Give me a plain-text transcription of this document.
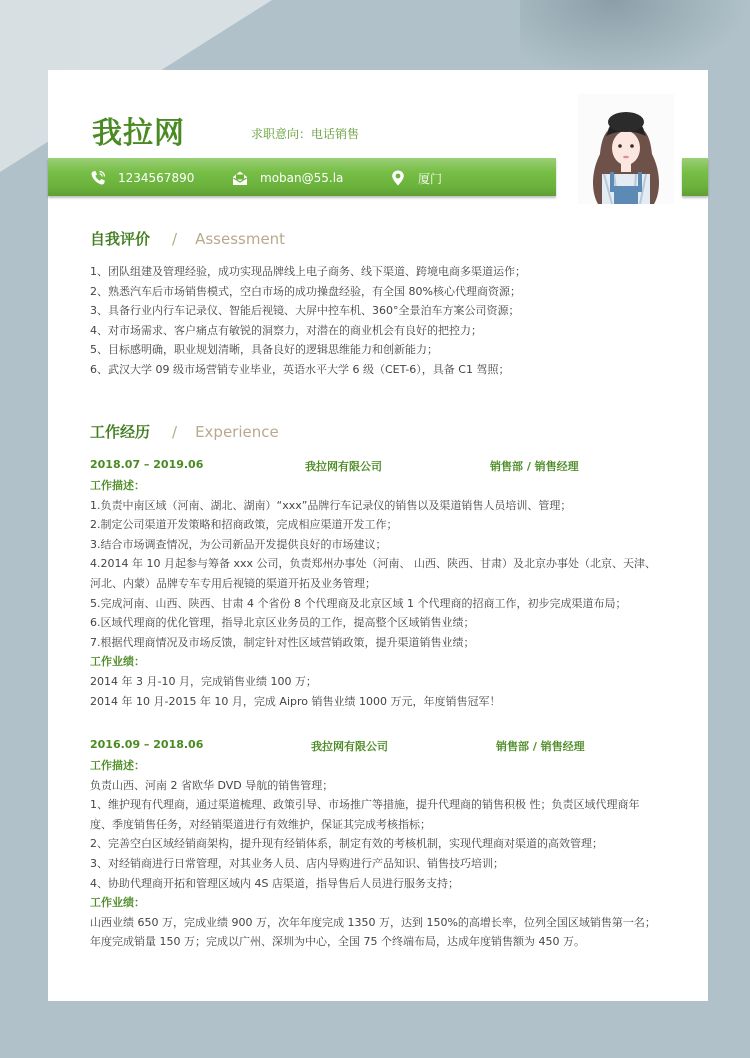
我拉网	求职意向：电话销售
1234567890	moban@55.la	厦门
自我评价 / Assessment
1、团队组建及管理经验，成功实现品牌线上电子商务、线下渠道、跨境电商多渠道运作；
2、熟悉汽车后市场销售模式，空白市场的成功操盘经验，有全国 80%核心代理商资源；
3、具备行业内行车记录仪、智能后视镜、大屏中控车机、360°全景泊车方案公司资源；
4、对市场需求、客户痛点有敏锐的洞察力，对潜在的商业机会有良好的把控力；
5、目标感明确，职业规划清晰，具备良好的逻辑思维能力和创新能力；
6、武汉大学 09 级市场营销专业毕业，英语水平大学 6 级（CET-6），具备 C1 驾照；
工作经历 / Experience
2018.07 – 2019.06	我拉网有限公司	销售部 / 销售经理
工作描述：
1.负责中南区域（河南、湖北、湖南）“xxx”品牌行车记录仪的销售以及渠道销售人员培训、管理；
2.制定公司渠道开发策略和招商政策，完成相应渠道开发工作；
3.结合市场调查情况，为公司新品开发提供良好的市场建议；
4.2014 年 10 月起参与筹备 xxx 公司，负责郑州办事处（河南、 山西、陕西、甘肃）及北京办事处（北京、天津、
河北、内蒙）品牌专车专用后视镜的渠道开拓及业务管理；
5.完成河南、山西、陕西、甘肃 4 个省份 8 个代理商及北京区域 1 个代理商的招商工作，初步完成渠道布局；
6.区域代理商的优化管理，指导北京区业务员的工作，提高整个区域销售业绩；
7.根据代理商情况及市场反馈，制定针对性区域营销政策，提升渠道销售业绩；
工作业绩：
2014 年 3 月-10 月，完成销售业绩 100 万；
2014 年 10 月-2015 年 10 月，完成 Aipro 销售业绩 1000 万元，年度销售冠军！
2016.09 – 2018.06	我拉网有限公司	销售部 / 销售经理
工作描述：
负责山西、河南 2 省欧华 DVD 导航的销售管理；
1、维护现有代理商，通过渠道梳理、政策引导、市场推广等措施，提升代理商的销售积极 性；负责区域代理商年
度、季度销售任务，对经销渠道进行有效维护，保证其完成考核指标；
2、完善空白区域经销商架构，提升现有经销体系，制定有效的考核机制，实现代理商对渠道的高效管理；
3、对经销商进行日常管理，对其业务人员、店内导购进行产品知识、销售技巧培训；
4、协助代理商开拓和管理区域内 4S 店渠道，指导售后人员进行服务支持；
工作业绩：
山西业绩 650 万，完成业绩 900 万，次年年度完成 1350 万，达到 150%的高增长率，位列全国区域销售第一名；
年度完成销量 150 万；完成以广州、深圳为中心，全国 75 个终端布局，达成年度销售额为 450 万。
